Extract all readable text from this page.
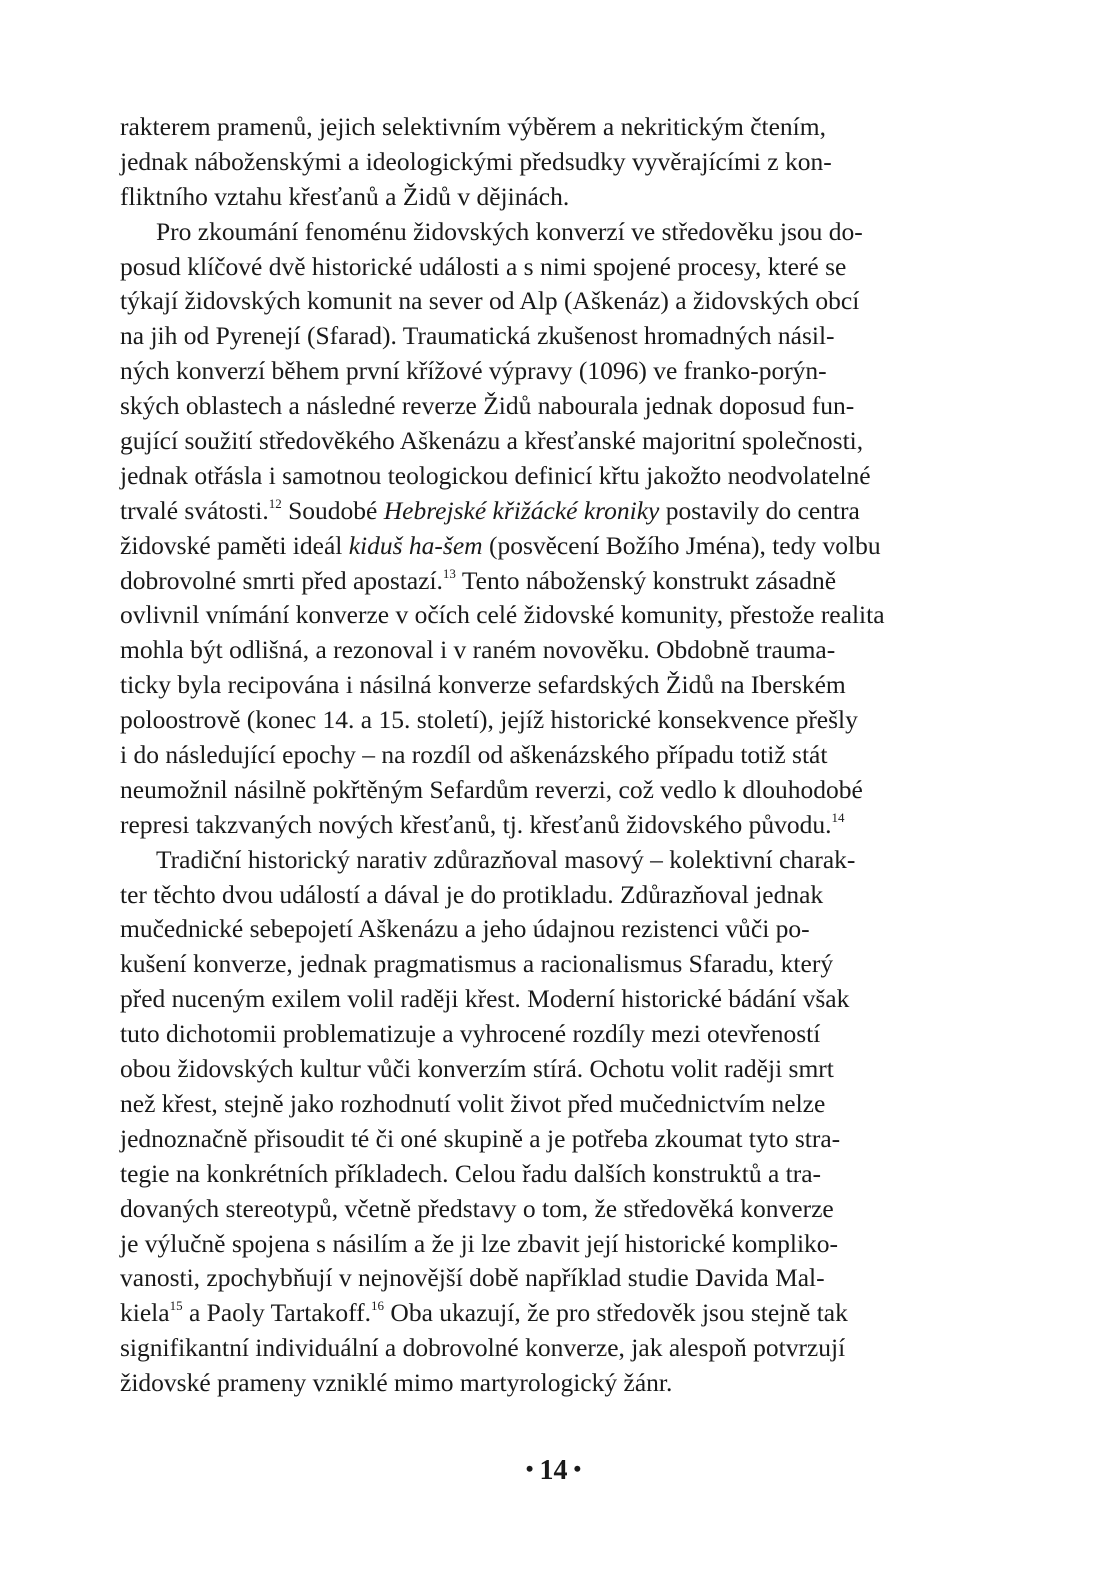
rakterem pramenů, jejich selektivním výběrem a nekritickým čtením,
jednak náboženskými a ideologickými předsudky vyvěrajícími z kon-
fliktního vztahu křesťanů a Židů v dějinách.
Pro zkoumání fenoménu židovských konverzí ve středověku jsou do-
posud klíčové dvě historické události a s nimi spojené procesy, které se
týkají židovských komunit na sever od Alp (Aškenáz) a židovských obcí
na jih od Pyrenejí (Sfarad). Traumatická zkušenost hromadných násil-
ných konverzí během první křížové výpravy (1096) ve franko-porýn-
ských oblastech a následné reverze Židů nabourala jednak doposud fun-
gující soužití středověkého Aškenázu a křesťanské majoritní společnosti,
jednak otřásla i samotnou teologickou definicí křtu jakožto neodvolatelné
trvalé svátosti.$^{12}$ Soudobé Hebrejské křižácké kroniky postavily do centra
židovské paměti ideál kiduš ha-šem (posvěcení Božího Jména), tedy volbu
dobrovolné smrti před apostazí.$^{13}$ Tento náboženský konstrukt zásadně
ovlivnil vnímání konverze v očích celé židovské komunity, přestože realita
mohla být odlišná, a rezonoval i v raném novověku. Obdobně trauma-
ticky byla recipována i násilná konverze sefardských Židů na Iberském
poloostrově (konec 14. a 15. století), jejíž historické konsekvence přešly
i do následující epochy – na rozdíl od aškenázského případu totiž stát
neumožnil násilně pokřtěným Sefardům reverzi, což vedlo k dlouhodobé
represi takzvaných nových křesťanů, tj. křesťanů židovského původu.$^{14}$
Tradiční historický narativ zdůrazňoval masový – kolektivní charak-
ter těchto dvou událostí a dával je do protikladu. Zdůrazňoval jednak
mučednické sebepojetí Aškenázu a jeho údajnou rezistenci vůči po-
kušení konverze, jednak pragmatismus a racionalismus Sfaradu, který
před nuceným exilem volil raději křest. Moderní historické bádání však
tuto dichotomii problematizuje a vyhrocené rozdíly mezi otevřeností
obou židovských kultur vůči konverzím stírá. Ochotu volit raději smrt
než křest, stejně jako rozhodnutí volit život před mučednictvím nelze
jednoznačně přisoudit té či oné skupině a je potřeba zkoumat tyto stra-
tegie na konkrétních příkladech. Celou řadu dalších konstruktů a tra-
dovaných stereotypů, včetně představy o tom, že středověká konverze
je výlučně spojena s násilím a že ji lze zbavit její historické kompliko-
vanosti, zpochybňují v nejnovější době například studie Davida Mal-
kiela$^{15}$ a Paoly Tartakoff.$^{16}$ Oba ukazují, že pro středověk jsou stejně tak
signifikantní individuální a dobrovolné konverze, jak alespoň potvrzují
židovské prameny vzniklé mimo martyrologický žánr.
• 14 •
